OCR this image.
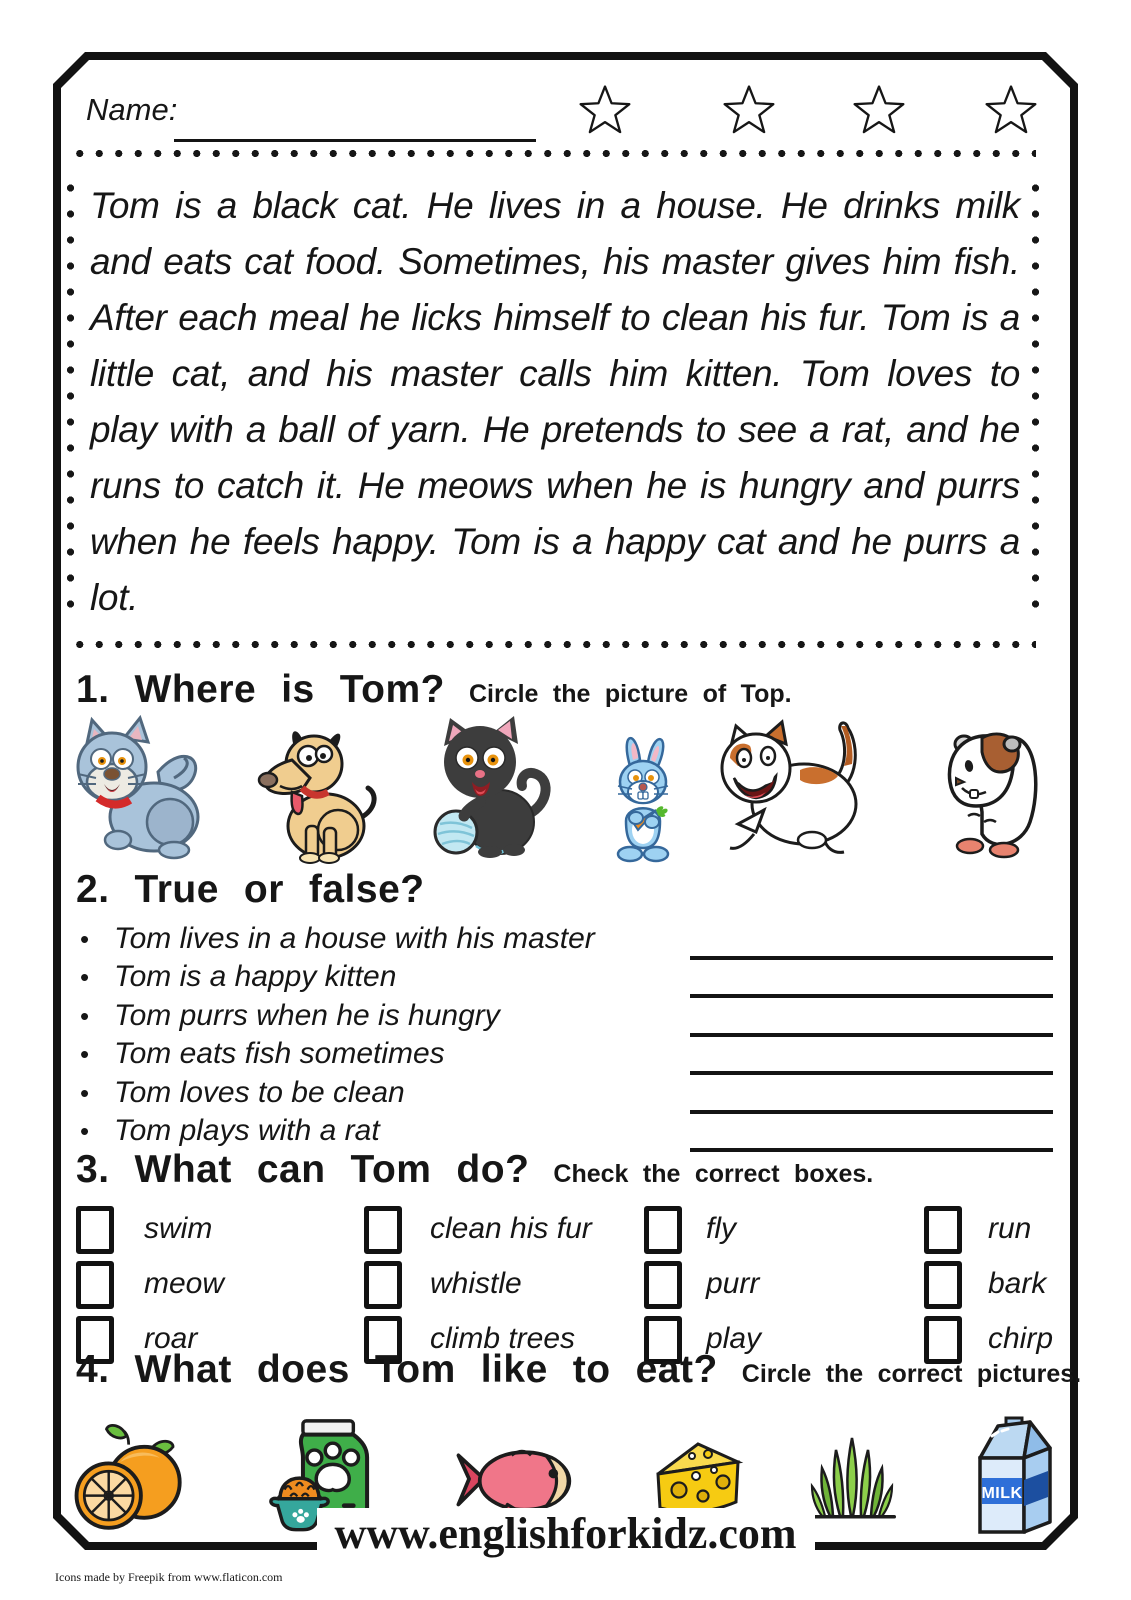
Name:

Tom is a black cat. He lives in a house. He drinks milk and eats cat food. Sometimes, his master gives him fish. After each meal he licks himself to clean his fur. Tom is a little cat, and his master calls him kitten. Tom loves to play with a ball of yarn. He pretends to see a rat, and he runs to catch it. He meows when he is hungry and purrs when he feels happy. Tom is a happy cat and he purrs a lot.

1. Where is Tom? Circle the picture of Top.
2. True or false?
• Tom lives in a house with his master
• Tom is a happy kitten
• Tom purrs when he is hungry
• Tom eats fish sometimes
• Tom loves to be clean
• Tom plays with a rat
3. What can Tom do? Check the correct boxes.
swim
meow
roar
clean his fur
whistle
climb trees
fly
purr
play
run
bark
chirp
4. What does Tom like to eat? Circle the correct pictures.
MILK
www.englishforkidz.com
Icons made by Freepik from www.flaticon.com
